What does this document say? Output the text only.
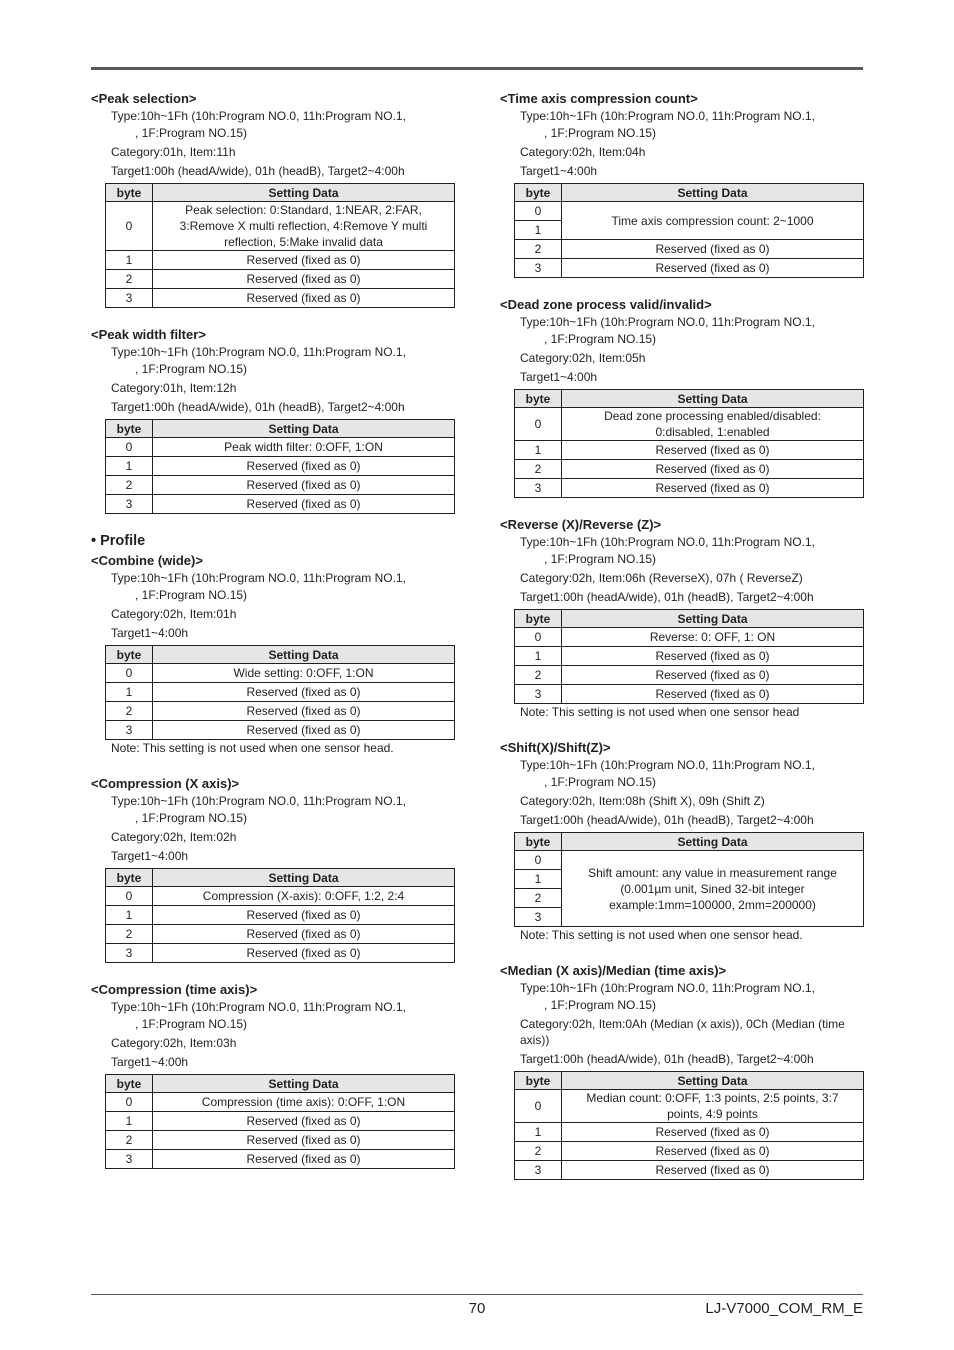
<Peak selection>
Type:10h~1Fh (10h:Program NO.0, 11h:Program NO.1,
, 1F:Program NO.15)
Category:01h, Item:11h
Target1:00h (headA/wide), 01h (headB), Target2~4:00h
byte	Setting Data
0	Peak selection: 0:Standard, 1:NEAR, 2:FAR, 3:Remove X multi reflection, 4:Remove Y multi reflection, 5:Make invalid data
1	Reserved (fixed as 0)
2	Reserved (fixed as 0)
3	Reserved (fixed as 0)
<Peak width filter>
Type:10h~1Fh (10h:Program NO.0, 11h:Program NO.1,
, 1F:Program NO.15)
Category:01h, Item:12h
Target1:00h (headA/wide), 01h (headB), Target2~4:00h
byte	Setting Data
0	Peak width filter: 0:OFF, 1:ON
1	Reserved (fixed as 0)
2	Reserved (fixed as 0)
3	Reserved (fixed as 0)
• Profile
<Combine (wide)>
Type:10h~1Fh (10h:Program NO.0, 11h:Program NO.1,
, 1F:Program NO.15)
Category:02h, Item:01h
Target1~4:00h
byte	Setting Data
0	Wide setting: 0:OFF, 1:ON
1	Reserved (fixed as 0)
2	Reserved (fixed as 0)
3	Reserved (fixed as 0)
Note: This setting is not used when one sensor head.
<Compression (X axis)>
Type:10h~1Fh (10h:Program NO.0, 11h:Program NO.1,
, 1F:Program NO.15)
Category:02h, Item:02h
Target1~4:00h
byte	Setting Data
0	Compression (X-axis): 0:OFF, 1:2, 2:4
1	Reserved (fixed as 0)
2	Reserved (fixed as 0)
3	Reserved (fixed as 0)
<Compression (time axis)>
Type:10h~1Fh (10h:Program NO.0, 11h:Program NO.1,
, 1F:Program NO.15)
Category:02h, Item:03h
Target1~4:00h
byte	Setting Data
0	Compression (time axis): 0:OFF, 1:ON
1	Reserved (fixed as 0)
2	Reserved (fixed as 0)
3	Reserved (fixed as 0)
<Time axis compression count>
Type:10h~1Fh (10h:Program NO.0, 11h:Program NO.1,
, 1F:Program NO.15)
Category:02h, Item:04h
Target1~4:00h
byte	Setting Data
0	Time axis compression count: 2~1000
1	
2	Reserved (fixed as 0)
3	Reserved (fixed as 0)
<Dead zone process valid/invalid>
Type:10h~1Fh (10h:Program NO.0, 11h:Program NO.1,
, 1F:Program NO.15)
Category:02h, Item:05h
Target1~4:00h
byte	Setting Data
0	Dead zone processing enabled/disabled: 0:disabled, 1:enabled
1	Reserved (fixed as 0)
2	Reserved (fixed as 0)
3	Reserved (fixed as 0)
<Reverse (X)/Reverse (Z)>
Type:10h~1Fh (10h:Program NO.0, 11h:Program NO.1,
, 1F:Program NO.15)
Category:02h, Item:06h (ReverseX), 07h ( ReverseZ)
Target1:00h (headA/wide), 01h (headB), Target2~4:00h
byte	Setting Data
0	Reverse: 0: OFF, 1: ON
1	Reserved (fixed as 0)
2	Reserved (fixed as 0)
3	Reserved (fixed as 0)
Note: This setting is not used when one sensor head
<Shift(X)/Shift(Z)>
Type:10h~1Fh (10h:Program NO.0, 11h:Program NO.1,
, 1F:Program NO.15)
Category:02h, Item:08h (Shift X), 09h (Shift Z)
Target1:00h (headA/wide), 01h (headB), Target2~4:00h
byte	Setting Data
0	Shift amount: any value in measurement range (0.001µm unit, Sined 32-bit integer example:1mm=100000, 2mm=200000)
1	
2	
3	
Note: This setting is not used when one sensor head.
<Median (X axis)/Median (time axis)>
Type:10h~1Fh (10h:Program NO.0, 11h:Program NO.1,
, 1F:Program NO.15)
Category:02h, Item:0Ah (Median (x axis)), 0Ch (Median (time axis))
Target1:00h (headA/wide), 01h (headB), Target2~4:00h
byte	Setting Data
0	Median count: 0:OFF, 1:3 points, 2:5 points, 3:7 points, 4:9 points
1	Reserved (fixed as 0)
2	Reserved (fixed as 0)
3	Reserved (fixed as 0)
70	LJ-V7000_COM_RM_E
